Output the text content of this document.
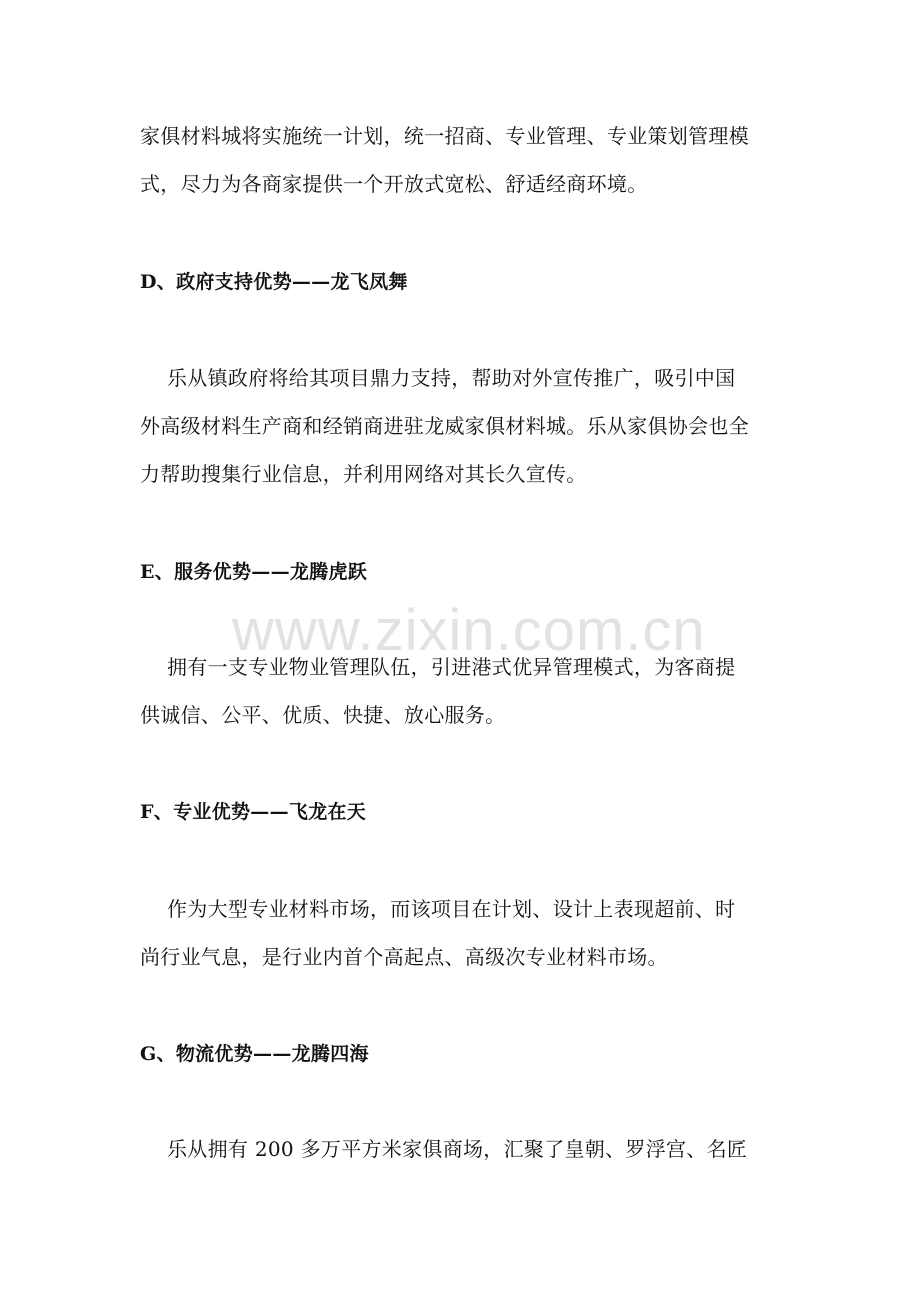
家俱材料城将实施统一计划，统一招商、专业管理、专业策划管理模
式，尽力为各商家提供一个开放式宽松、舒适经商环境。
D、政府支持优势——龙飞凤舞
乐从镇政府将给其项目鼎力支持，帮助对外宣传推广，吸引中国
外高级材料生产商和经销商进驻龙威家俱材料城。乐从家俱协会也全
力帮助搜集行业信息，并利用网络对其长久宣传。
E、服务优势——龙腾虎跃
www.zixin.com.cn
拥有一支专业物业管理队伍，引进港式优异管理模式，为客商提
供诚信、公平、优质、快捷、放心服务。
F、专业优势——飞龙在天
作为大型专业材料市场，而该项目在计划、设计上表现超前、时
尚行业气息，是行业内首个高起点、高级次专业材料市场。
G、物流优势——龙腾四海
乐从拥有 200 多万平方米家俱商场，汇聚了皇朝、罗浮宫、名匠
